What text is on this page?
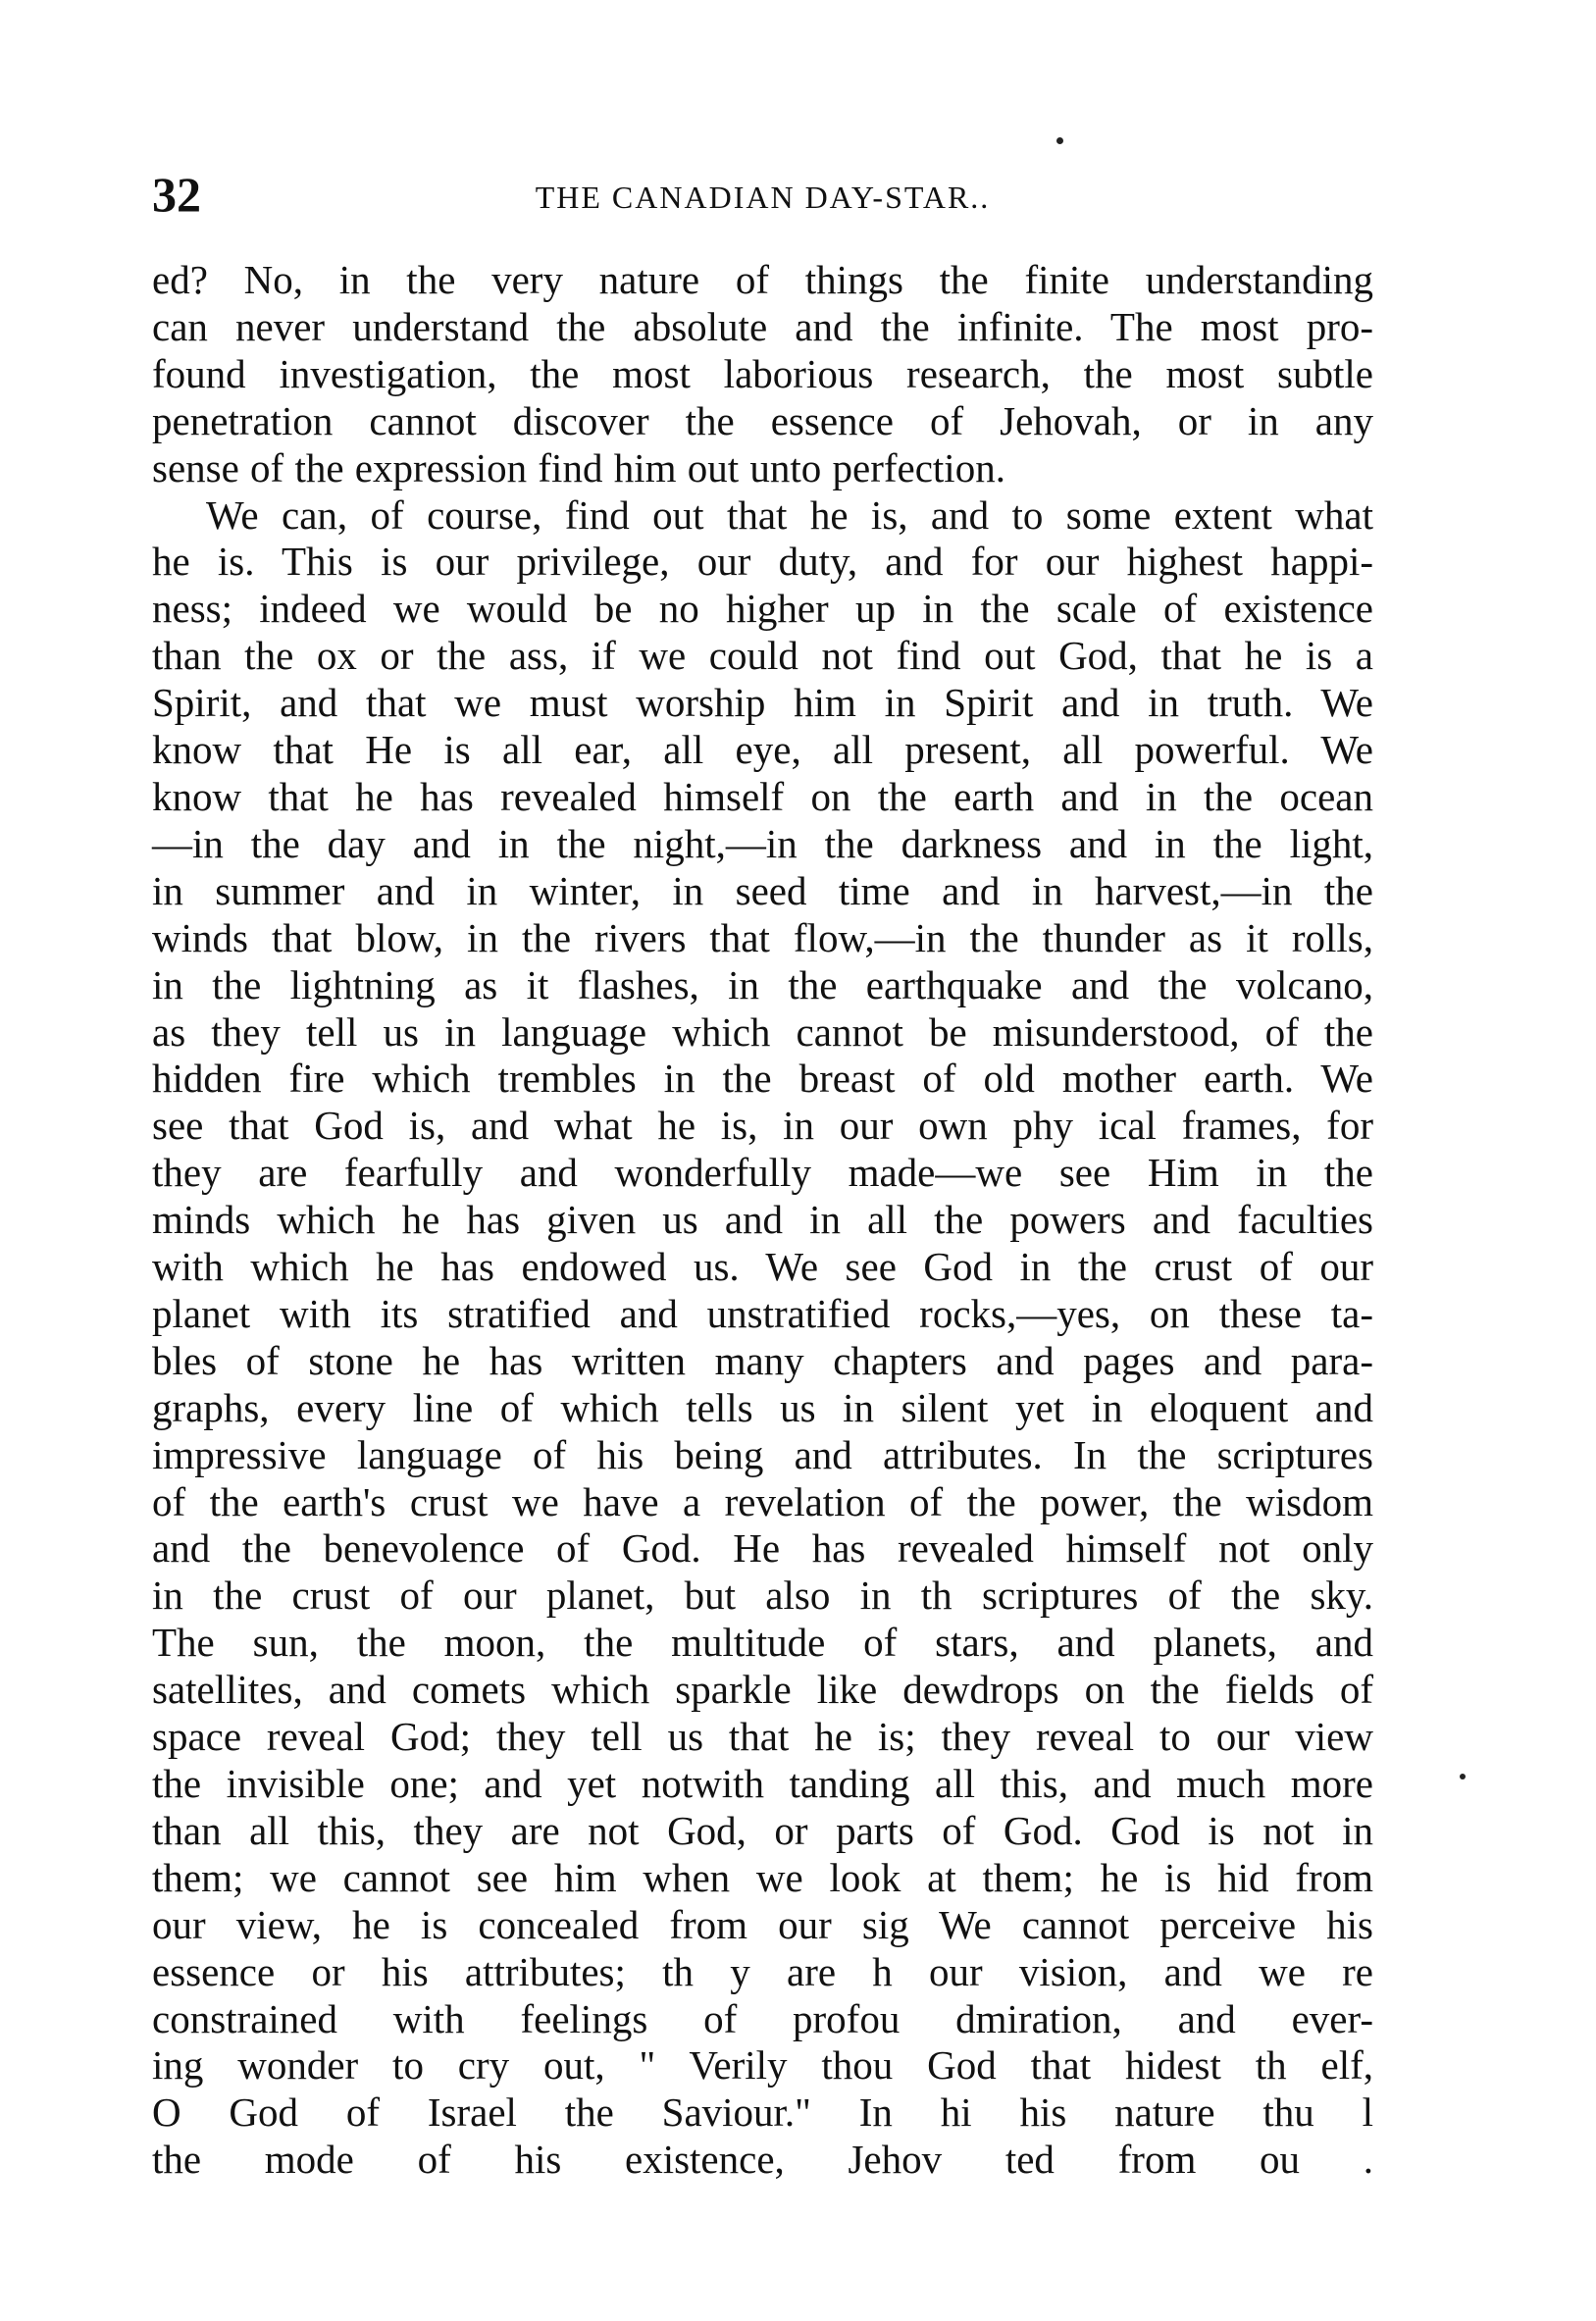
32	THE CANADIAN DAY-STAR..
ed? No, in the very nature of things the finite understanding
can never understand the absolute and the infinite. The most pro-
found investigation, the most laborious research, the most subtle
penetration cannot discover the essence of Jehovah, or in any
sense of the expression find him out unto perfection.
We can, of course, find out that he is, and to some extent what
he is. This is our privilege, our duty, and for our highest happi-
ness; indeed we would be no higher up in the scale of existence
than the ox or the ass, if we could not find out God, that he is a
Spirit, and that we must worship him in Spirit and in truth. We
know that He is all ear, all eye, all present, all powerful. We
know that he has revealed himself on the earth and in the ocean
—in the day and in the night,—in the darkness and in the light,
in summer and in winter, in seed time and in harvest,—in the
winds that blow, in the rivers that flow,—in the thunder as it rolls,
in the lightning as it flashes, in the earthquake and the volcano,
as they tell us in language which cannot be misunderstood, of the
hidden fire which trembles in the breast of old mother earth. We
see that God is, and what he is, in our own phy ical frames, for
they are fearfully and wonderfully made—we see Him in the
minds which he has given us and in all the powers and faculties
with which he has endowed us. We see God in the crust of our
planet with its stratified and unstratified rocks,—yes, on these ta-
bles of stone he has written many chapters and pages and para-
graphs, every line of which tells us in silent yet in eloquent and
impressive language of his being and attributes. In the scriptures
of the earth's crust we have a revelation of the power, the wisdom
and the benevolence of God. He has revealed himself not only
in the crust of our planet, but also in th scriptures of the sky.
The sun, the moon, the multitude of stars, and planets, and
satellites, and comets which sparkle like dewdrops on the fields of
space reveal God; they tell us that he is; they reveal to our view
the invisible one; and yet notwith tanding all this, and much more
than all this, they are not God, or parts of God. God is not in
them; we cannot see him when we look at them; he is hid from
our view, he is concealed from our sig We cannot perceive his
essence or his attributes; th y are h our vision, and we re
constrained with feelings of profou dmiration, and ever-
ing wonder to cry out, " Verily thou God that hidest th elf,
O God of Israel the Saviour." In hi his nature thu l
the mode of his existence, Jehov ted from ou .
